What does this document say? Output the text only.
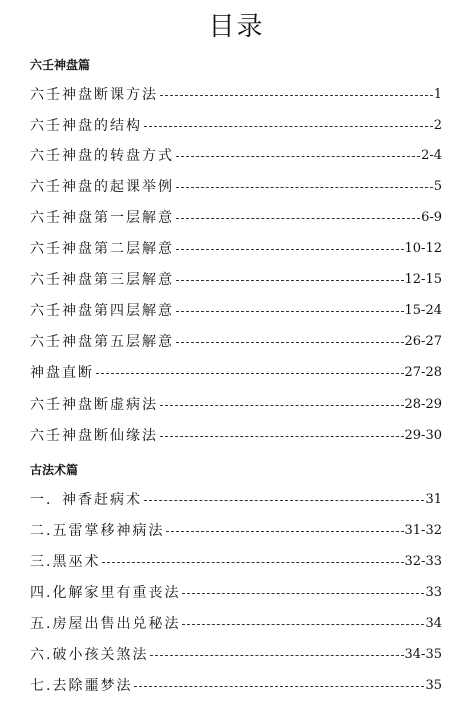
目录
六壬神盘篇
六壬神盘断课方法	1
六壬神盘的结构	2
六壬神盘的转盘方式	2-4
六壬神盘的起课举例	5
六壬神盘第一层解意	6-9
六壬神盘第二层解意	10-12
六壬神盘第三层解意	12-15
六壬神盘第四层解意	15-24
六壬神盘第五层解意	26-27
神盘直断	27-28
六壬神盘断虚病法	28-29
六壬神盘断仙缘法	29-30
古法术篇
一．神香赶病术	31
二.五雷掌移神病法	31-32
三.黑巫术	32-33
四.化解家里有重丧法	33
五.房屋出售出兑秘法	34
六.破小孩关煞法	34-35
七.去除噩梦法	35
